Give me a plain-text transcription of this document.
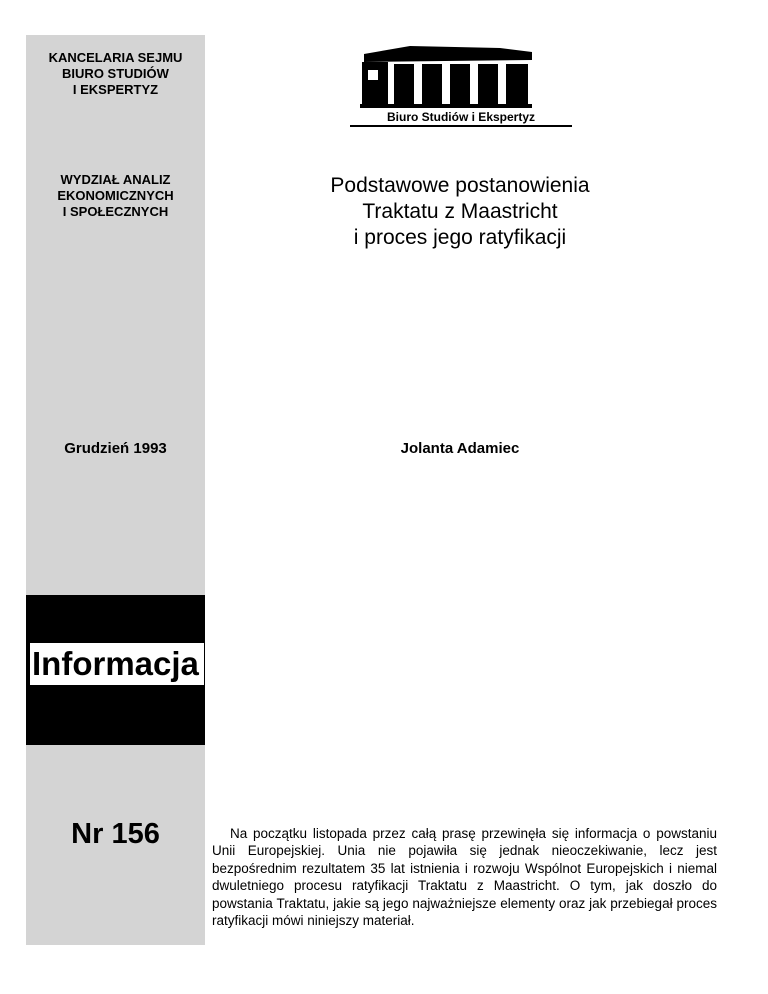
KANCELARIA SEJMU
BIURO STUDIÓW
I EKSPERTYZ
WYDZIAŁ ANALIZ
EKONOMICZNYCH
I SPOŁECZNYCH
Grudzień 1993
Informacja
Nr 156
Biuro Studiów i Ekspertyz
Podstawowe postanowienia
Traktatu z Maastricht
i proces jego ratyfikacji
Jolanta Adamiec
Na początku listopada przez całą prasę przewinęła się informacja o powstaniu Unii Europejskiej. Unia nie pojawiła się jednak nieoczekiwanie, lecz jest bezpośrednim rezultatem 35 lat istnienia i rozwoju Wspólnot Europejskich i niemal dwuletniego procesu ratyfikacji Traktatu z Maastricht. O tym, jak doszło do powstania Traktatu, jakie są jego najważniejsze elementy oraz jak przebiegał proces ratyfikacji mówi niniejszy materiał.
